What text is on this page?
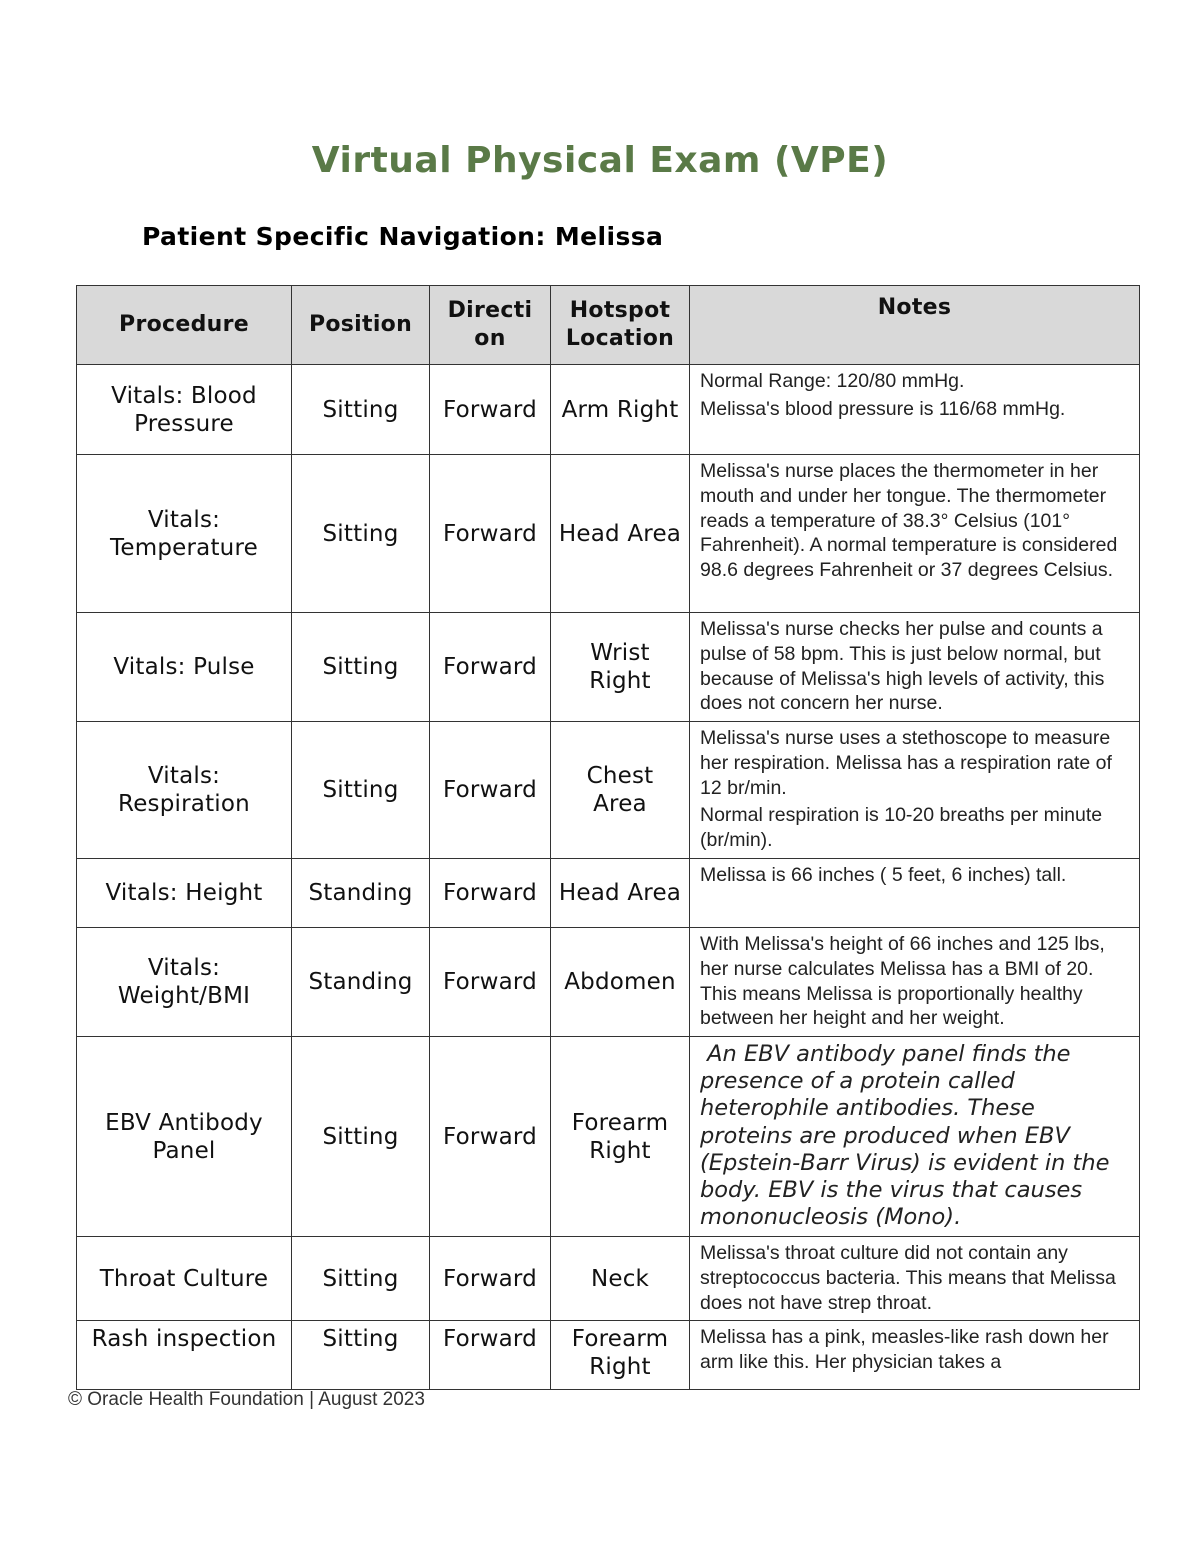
Virtual Physical Exam (VPE)
Patient Specific Navigation: Melissa
Procedure	Position	Directi on	Hotspot Location	Notes
Vitals: Blood Pressure	Sitting	Forward	Arm Right	Normal Range: 120/80 mmHg.

Melissa's blood pressure is 116/68 mmHg.

Vitals: Temperature	Sitting	Forward	Head Area	Melissa's nurse places the thermometer in her mouth and under her tongue. The thermometer reads a temperature of 38.3° Celsius (101° Fahrenheit). A normal temperature is considered 98.6 degrees Fahrenheit or 37 degrees Celsius.

Vitals: Pulse	Sitting	Forward	Wrist Right	Melissa's nurse checks her pulse and counts a pulse of 58 bpm. This is just below normal, but because of Melissa's high levels of activity, this does not concern her nurse.

Vitals: Respiration	Sitting	Forward	Chest Area	Melissa's nurse uses a stethoscope to measure her respiration. Melissa has a respiration rate of 12 br/min.

Normal respiration is 10-20 breaths per minute (br/min).

Vitals: Height	Standing	Forward	Head Area	Melissa is 66 inches ( 5 feet, 6 inches) tall.

Vitals: Weight/BMI	Standing	Forward	Abdomen	With Melissa's height of 66 inches and 125 lbs, her nurse calculates Melissa has a BMI of 20. This means Melissa is proportionally healthy between her height and her weight.

EBV Antibody Panel	Sitting	Forward	Forearm Right	An EBV antibody panel finds the presence of a protein called heterophile antibodies. These proteins are produced when EBV (Epstein-Barr Virus) is evident in the body. EBV is the virus that causes mononucleosis (Mono).

Throat Culture	Sitting	Forward	Neck	Melissa's throat culture did not contain any streptococcus bacteria. This means that Melissa does not have strep throat.

Rash inspection	Sitting	Forward	Forearm Right	Melissa has a pink, measles-like rash down her arm like this. Her physician takes a

© Oracle Health Foundation | August 2023
